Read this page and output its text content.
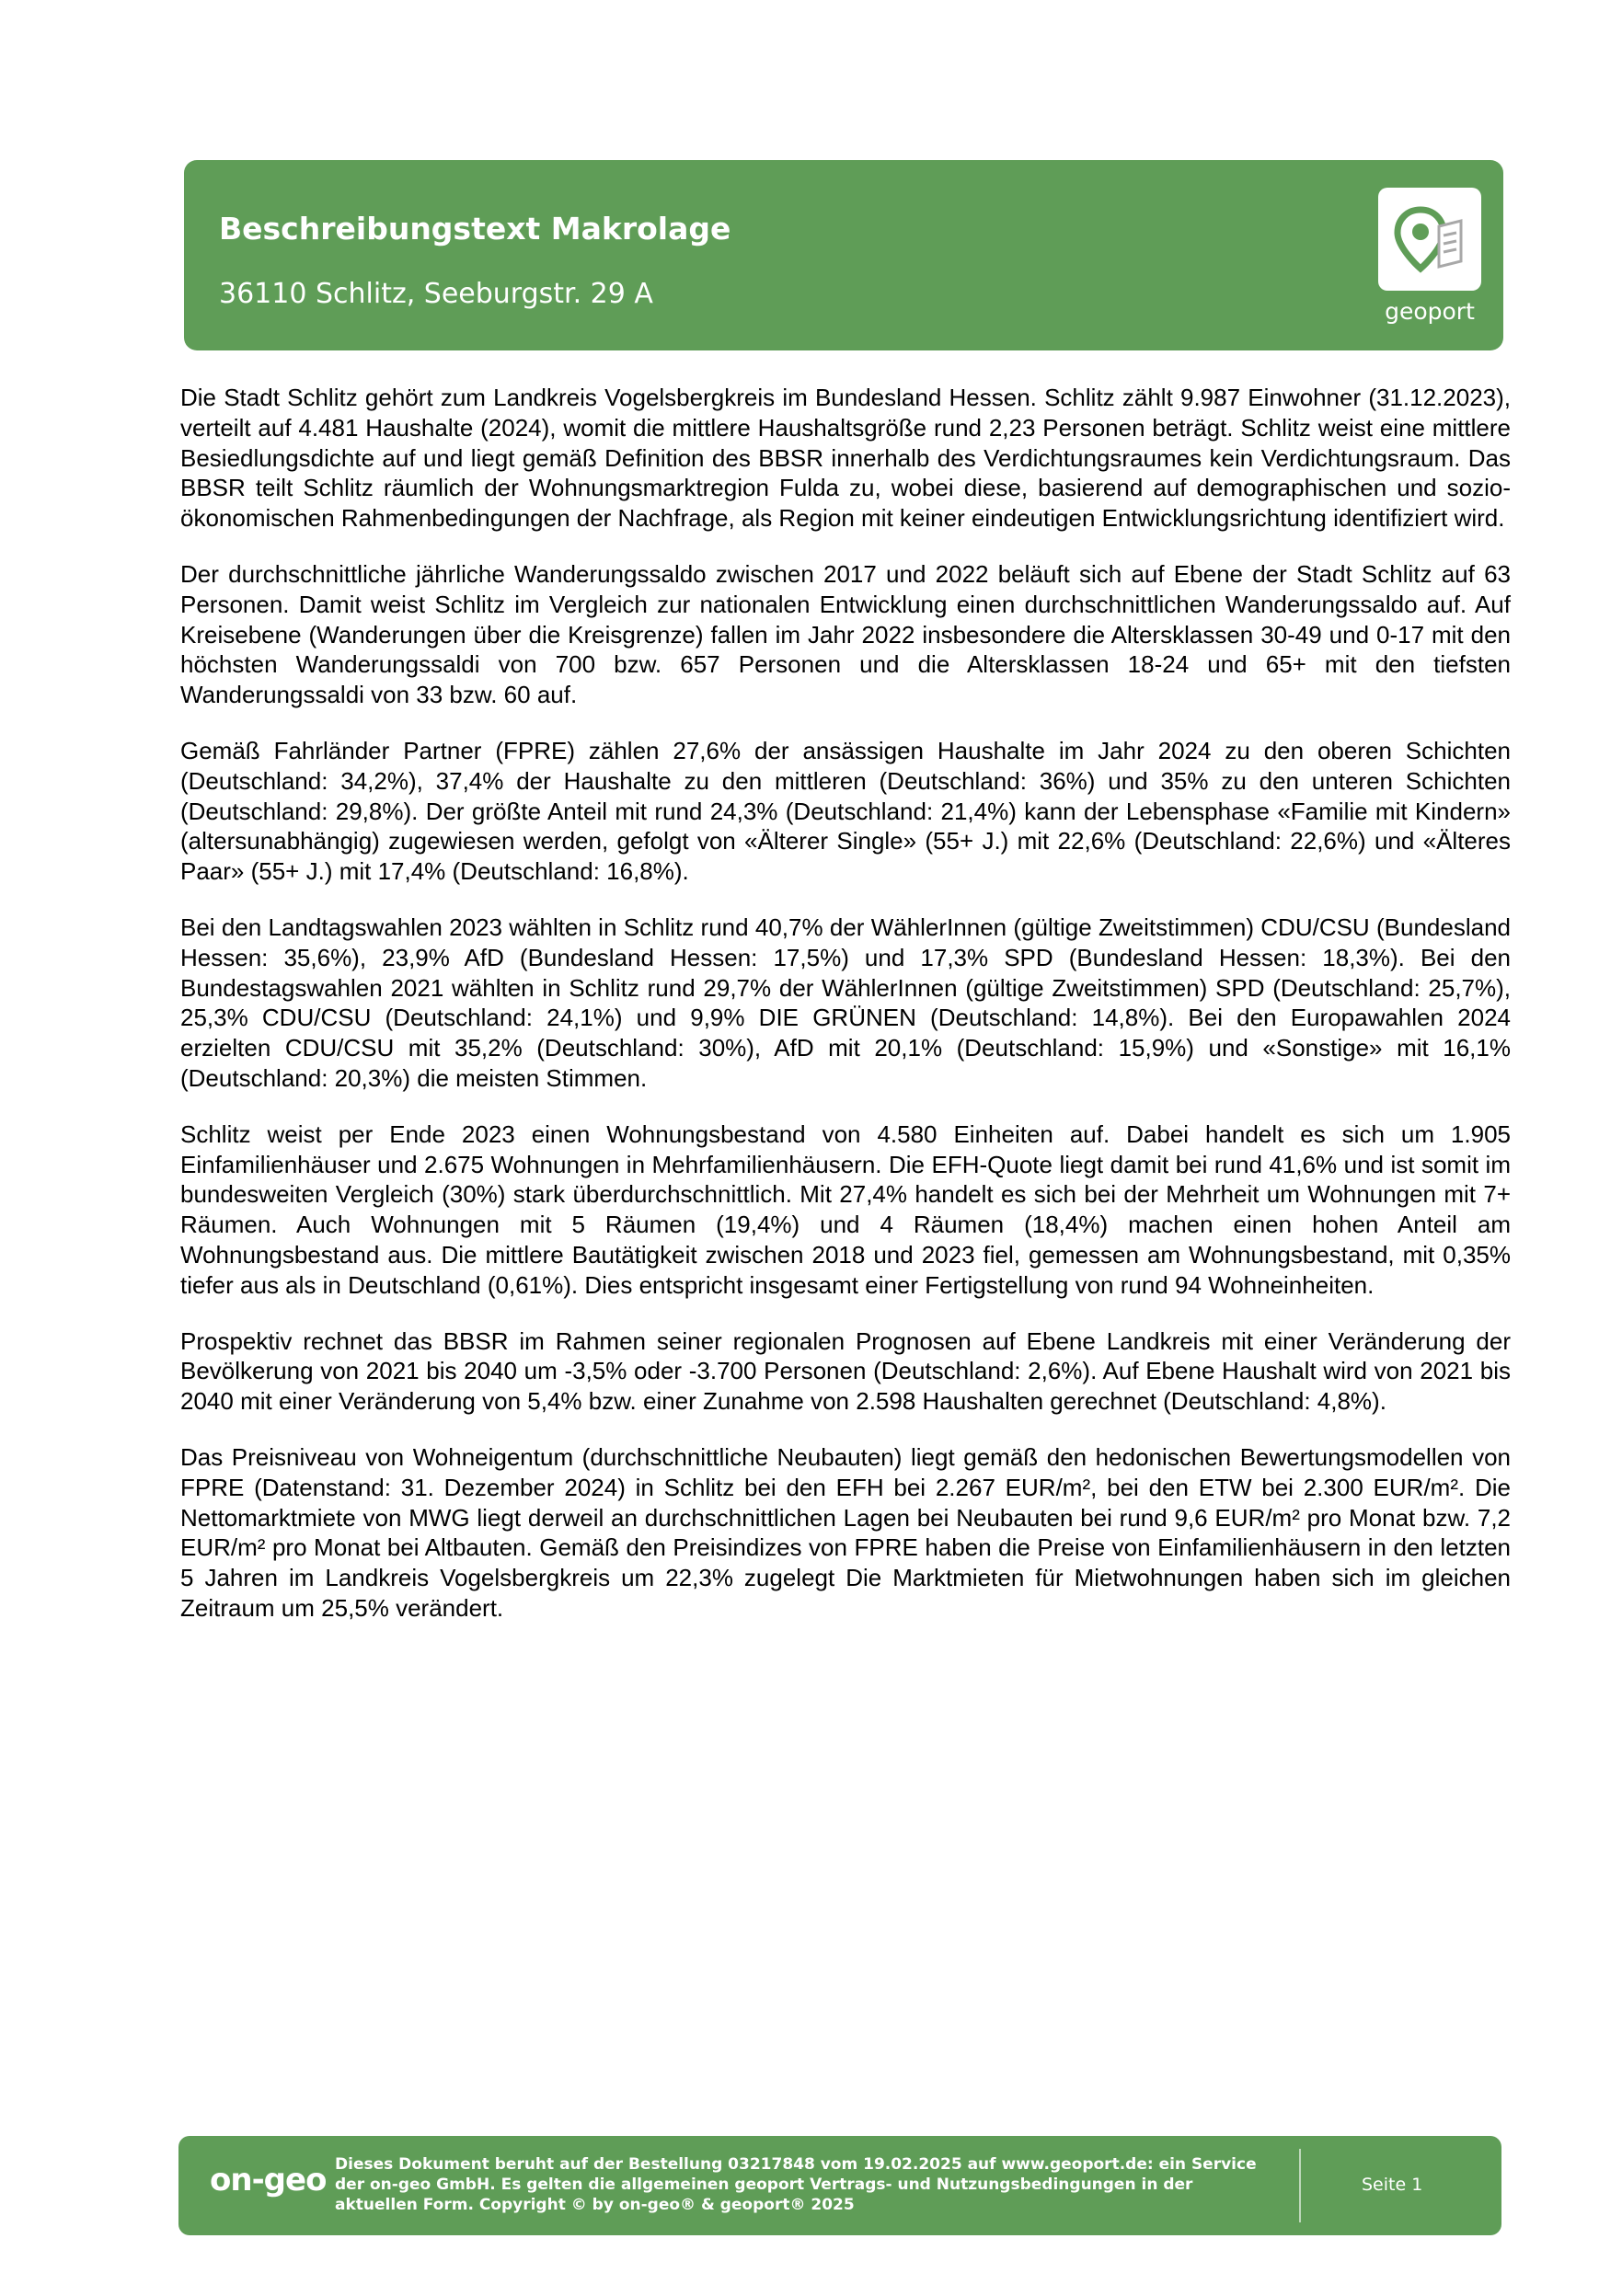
Beschreibungstext Makrolage
36110 Schlitz, Seeburgstr. 29 A
geoport

Die Stadt Schlitz gehört zum Landkreis Vogelsbergkreis im Bundesland Hessen. Schlitz zählt 9.987 Einwohner (31.12.2023), verteilt auf 4.481 Haushalte (2024), womit die mittlere Haushaltsgröße rund 2,23 Personen beträgt. Schlitz weist eine mittlere Besiedlungsdichte auf und liegt gemäß Definition des BBSR innerhalb des Verdichtungsraumes kein Verdichtungsraum. Das BBSR teilt Schlitz räumlich der Wohnungsmarktregion Fulda zu, wobei diese, basierend auf demographischen und sozio-ökonomischen Rahmenbedingungen der Nachfrage, als Region mit keiner eindeutigen Entwicklungsrichtung identifiziert wird.

Der durchschnittliche jährliche Wanderungssaldo zwischen 2017 und 2022 beläuft sich auf Ebene der Stadt Schlitz auf 63 Personen. Damit weist Schlitz im Vergleich zur nationalen Entwicklung einen durchschnittlichen Wanderungssaldo auf. Auf Kreisebene (Wanderungen über die Kreisgrenze) fallen im Jahr 2022 insbesondere die Altersklassen 30-49 und 0-17 mit den höchsten Wanderungssaldi von 700 bzw. 657 Personen und die Altersklassen 18-24 und 65+ mit den tiefsten Wanderungssaldi von 33 bzw. 60 auf.

Gemäß Fahrländer Partner (FPRE) zählen 27,6% der ansässigen Haushalte im Jahr 2024 zu den oberen Schichten (Deutschland: 34,2%), 37,4% der Haushalte zu den mittleren (Deutschland: 36%) und 35% zu den unteren Schichten (Deutschland: 29,8%). Der größte Anteil mit rund 24,3% (Deutschland: 21,4%) kann der Lebensphase «Familie mit Kindern» (altersunabhängig) zugewiesen werden, gefolgt von «Älterer Single» (55+ J.) mit 22,6% (Deutschland: 22,6%) und «Älteres Paar» (55+ J.) mit 17,4% (Deutschland: 16,8%).

Bei den Landtagswahlen 2023 wählten in Schlitz rund 40,7% der WählerInnen (gültige Zweitstimmen) CDU/CSU (Bundesland Hessen: 35,6%), 23,9% AfD (Bundesland Hessen: 17,5%) und 17,3% SPD (Bundesland Hessen: 18,3%). Bei den Bundestagswahlen 2021 wählten in Schlitz rund 29,7% der WählerInnen (gültige Zweitstimmen) SPD (Deutschland: 25,7%), 25,3% CDU/CSU (Deutschland: 24,1%) und 9,9% DIE GRÜNEN (Deutschland: 14,8%). Bei den Europawahlen 2024 erzielten CDU/CSU mit 35,2% (Deutschland: 30%), AfD mit 20,1% (Deutschland: 15,9%) und «Sonstige» mit 16,1% (Deutschland: 20,3%) die meisten Stimmen.

Schlitz weist per Ende 2023 einen Wohnungsbestand von 4.580 Einheiten auf. Dabei handelt es sich um 1.905 Einfamilienhäuser und 2.675 Wohnungen in Mehrfamilienhäusern. Die EFH-Quote liegt damit bei rund 41,6% und ist somit im bundesweiten Vergleich (30%) stark überdurchschnittlich. Mit 27,4% handelt es sich bei der Mehrheit um Wohnungen mit 7+ Räumen. Auch Wohnungen mit 5 Räumen (19,4%) und 4 Räumen (18,4%) machen einen hohen Anteil am Wohnungsbestand aus. Die mittlere Bautätigkeit zwischen 2018 und 2023 fiel, gemessen am Wohnungsbestand, mit 0,35% tiefer aus als in Deutschland (0,61%). Dies entspricht insgesamt einer Fertigstellung von rund 94 Wohneinheiten.

Prospektiv rechnet das BBSR im Rahmen seiner regionalen Prognosen auf Ebene Landkreis mit einer Veränderung der Bevölkerung von 2021 bis 2040 um -3,5% oder -3.700 Personen (Deutschland: 2,6%). Auf Ebene Haushalt wird von 2021 bis 2040 mit einer Veränderung von 5,4% bzw. einer Zunahme von 2.598 Haushalten gerechnet (Deutschland: 4,8%).

Das Preisniveau von Wohneigentum (durchschnittliche Neubauten) liegt gemäß den hedonischen Bewertungsmodellen von FPRE (Datenstand: 31. Dezember 2024) in Schlitz bei den EFH bei 2.267 EUR/m², bei den ETW bei 2.300 EUR/m². Die Nettomarktmiete von MWG liegt derweil an durchschnittlichen Lagen bei Neubauten bei rund 9,6 EUR/m² pro Monat bzw. 7,2 EUR/m² pro Monat bei Altbauten. Gemäß den Preisindizes von FPRE haben die Preise von Einfamilienhäusern in den letzten 5 Jahren im Landkreis Vogelsbergkreis um 22,3% zugelegt Die Marktmieten für Mietwohnungen haben sich im gleichen Zeitraum um 25,5% verändert.

on-geo Dieses Dokument beruht auf der Bestellung 03217848 vom 19.02.2025 auf www.geoport.de: ein Service der on-geo GmbH. Es gelten die allgemeinen geoport Vertrags- und Nutzungsbedingungen in der aktuellen Form. Copyright © by on-geo® & geoport® 2025
Seite 1
